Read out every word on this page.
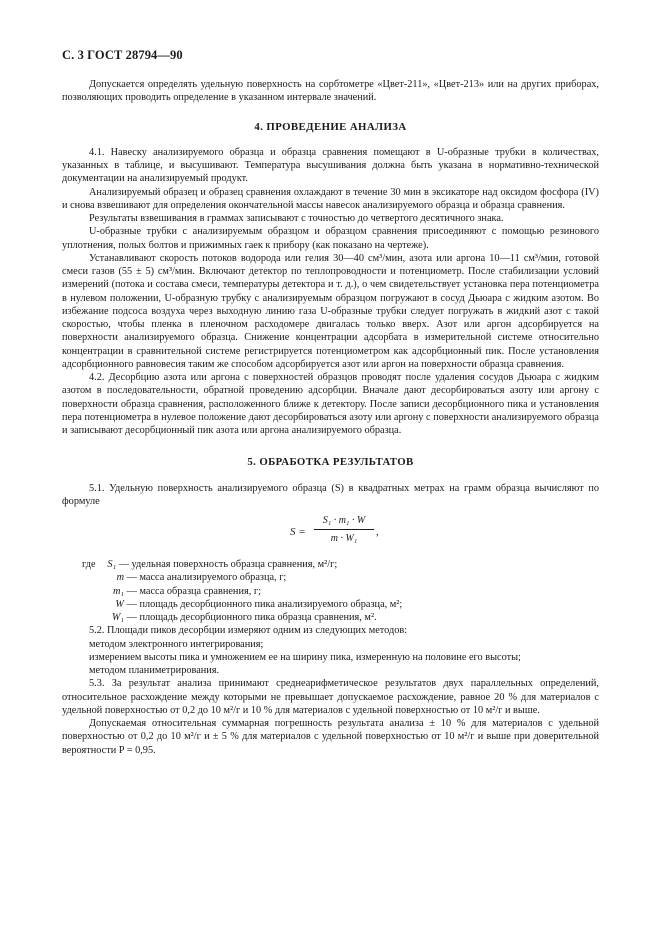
С. 3 ГОСТ 28794—90

Допускается определять удельную поверхность на сорбтометре «Цвет-211», «Цвет-213» или на других приборах, позволяющих проводить определение в указанном интервале значений.

4. ПРОВЕДЕНИЕ АНАЛИЗА

4.1. Навеску анализируемого образца и образца сравнения помещают в U-образные трубки в количествах, указанных в таблице, и высушивают. Температура высушивания должна быть указана в нормативно-технической документации на анализируемый продукт.

Анализируемый образец и образец сравнения охлаждают в течение 30 мин в эксикаторе над оксидом фосфора (IV) и снова взвешивают для определения окончательной массы навесок анализируемого образца и образца сравнения.

Результаты взвешивания в граммах записывают с точностью до четвертого десятичного знака.

U-образные трубки с анализируемым образцом и образцом сравнения присоединяют с помощью резинового уплотнения, полых болтов и прижимных гаек к прибору (как показано на чертеже).

Устанавливают скорость потоков водорода или гелия 30—40 см³/мин, азота или аргона 10—11 см³/мин, готовой смеси газов (55 ± 5) см³/мин. Включают детектор по теплопроводности и потенциометр. После стабилизации условий измерений (потока и состава смеси, температуры детектора и т. д.), о чем свидетельствует установка пера потенциометра в нулевом положении, U-образную трубку с анализируемым образцом погружают в сосуд Дьюара с жидким азотом. Во избежание подсоса воздуха через выходную линию газа U-образные трубки следует погружать в жидкий азот с такой скоростью, чтобы пленка в пленочном расходомере двигалась только вверх. Азот или аргон адсорбируется на поверхности анализируемого образца. Снижение концентрации адсорбата в измерительной системе относительно концентрации в сравнительной системе регистрируется потенциометром как адсорбционный пик. После установления адсорбционного равновесия таким же способом адсорбируется азот или аргон на поверхности образца сравнения.

4.2. Десорбцию азота или аргона с поверхностей образцов проводят после удаления сосудов Дьюара с жидким азотом в последовательности, обратной проведению адсорбции. Вначале дают десорбироваться азоту или аргону с поверхности образца сравнения, расположенного ближе к детектору. После записи десорбционного пика и установления пера потенциометра в нулевое положение дают десорбироваться азоту или аргону с поверхности анализируемого образца и записывают десорбционный пик азота или аргона анализируемого образца.

5. ОБРАБОТКА РЕЗУЛЬТАТОВ

5.1. Удельную поверхность анализируемого образца (S) в квадратных метрах на грамм образца вычисляют по формуле

$S = \frac{\text{S₁ · m₁ · W}}{\text{m · W₁}}$ ,

где S₁ — удельная поверхность образца сравнения, м²/г;

m — масса анализируемого образца, г;

m₁ — масса образца сравнения, г;

W — площадь десорбционного пика анализируемого образца, м²;

W₁ — площадь десорбционного пика образца сравнения, м².

5.2. Площади пиков десорбции измеряют одним из следующих методов:

методом электронного интегрирования;

измерением высоты пика и умножением ее на ширину пика, измеренную на половине его высоты;

методом планиметрирования.

5.3. За результат анализа принимают среднеарифметическое результатов двух параллельных определений, относительное расхождение между которыми не превышает допускаемое расхождение, равное 20 % для материалов с удельной поверхностью от 0,2 до 10 м²/г и 10 % для материалов с удельной поверхностью от 10 м²/г и выше.

Допускаемая относительная суммарная погрешность результата анализа ± 10 % для материалов с удельной поверхностью от 0,2 до 10 м²/г и ± 5 % для материалов с удельной поверхностью от 10 м²/г и выше при доверительной вероятности P = 0,95.
